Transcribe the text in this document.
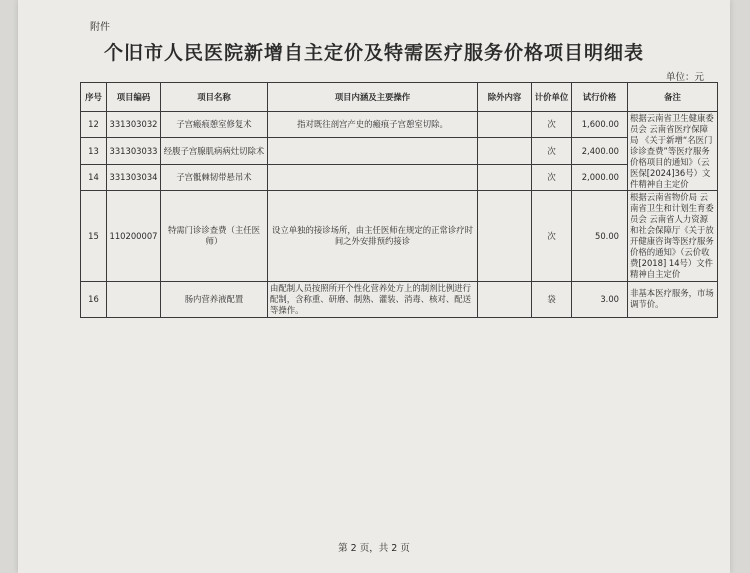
附件
个旧市人民医院新增自主定价及特需医疗服务价格项目明细表
单位：元
序号	项目编码	项目名称	项目内涵及主要操作	除外内容	计价单位	试行价格	备注
12	331303032	子宫瘢痕憩室修复术	指对既往剖宫产史的瘢痕子宫憩室切除。		次	1,600.00	根据云南省卫生健康委员会 云南省医疗保障局 《关于新增“名医门诊诊查费”等医疗服务价格项目的通知》（云医保[2024]36号）文件精神自主定价
13	331303033	经腹子宫腺肌病病灶切除术			次	2,400.00	
14	331303034	子宫骶棘韧带悬吊术			次	2,000.00	
15	110200007	特需门诊诊查费（主任医师）	设立单独的接诊场所，由主任医师在规定的正常诊疗时间之外安排预约接诊		次	50.00	根据云南省物价局 云南省卫生和计划生育委员会 云南省人力资源和社会保障厅《关于放开健康咨询等医疗服务价格的通知》（云价收费[2018] 14号）文件精神自主定价
16		肠内营养液配置	由配制人员按照所开个性化营养处方上的制剂比例进行配制，含称重、研磨、制熟、灌装、消毒、核对、配送等操作。		袋	3.00	非基本医疗服务，市场调节价。
第 2 页，共 2 页
